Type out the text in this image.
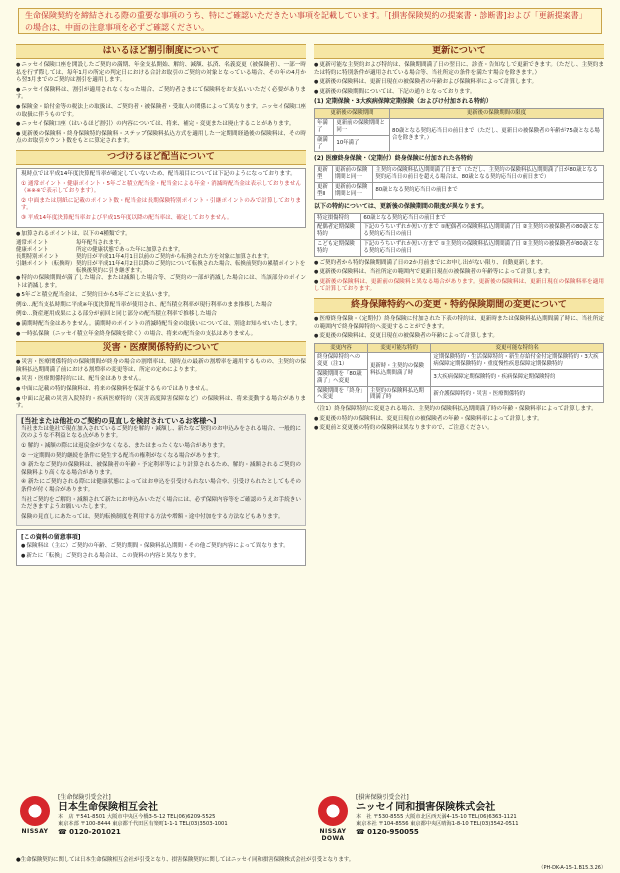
生命保険契約を締結される際の重要な事項のうち、特にご確認いただきたい事項を記載しています。「[損害保険契約の提案書・診断書]および「更新提案書」
の場合は、中面の注意事項を必ずご確認ください。
はいるほど割引制度について

● ニッセイ保険口座を開設したご契約の満期、年金支払開始、解約、減額、払済、名義変更（被保険者）、一部一時払を行ず際しては、毎年1月の所定の判定日における合計お取引のご契約の対象となっている場合、その年の4月から翌3月までのご契約は割引を適用します。

● ニッセイ保険料は、割引が適用されなくなった場合、ご契約者さまにて保険料をお支払いいただく必要があります。

● 保険金・給付金等の税法上の取扱は、ご契約者・被保険者・受取人の関係によって異なります。ニッセイ保険口座の取扱に伴うものです。

● ニッセイ保険口座（はいるほど割引）の内容については、将来、補完・変更または廃止することがあります。

● 更新後の保険料・終身保険特約保険料・ステップ保険料払込方式を適用した一定期間経過後の保険料は、その時点のお取引カウント数をもとに算定されます。

つづけるほど配当について

現時点では平成14年度決算配当率が確定していないため、配当項目については下記のようになっております。

① 通常ポイント・健康ポイント・5年ごと積立配当金・配当金による年金・消滅時配当金は表示しておりません（※※※で表示しております）。

② 中面または別紙に記載のポイント数・配当金は長期保険特別ポイント・引継ポイントのみで計算しております。

③ 平成14年度決算配当率および平成15年度以降の配当率は、確定しておりません。

● 加算されるポイントは、以下の4種類です。

通常ポイント	毎年配当されます。
健康ポイント	所定の健康状態であった年に加算されます。
長期特別ポイント	契約日が平成11年4月1日以前のご契約から転換された方を対象に加算されます。
引継ポイント（転換時） 契約日が平成11年4月2日以降のご契約について転換された場合、転換前契約の累積ポイントを転換後契約に引き継ぎます。

● 特約の保険期間が満了した場合、または減額した場合等、ご契約の一部が消滅した場合には、当該部分のポイントは消滅します。

● 5年ごと積立配当金は、ご契約日から5年ごとに支払います。

例①…配当支払時期に平成※年度決算配当率が使用され、配当積立利率が現行利率のまま推移した場合

例②…資産運用成果による部分が前回と同じ部分の配当積立利率で推移した場合

● 満期時配当金はありません。満期時のポイントの消滅時配当金の取扱いについては、別途お知らせいたします。

● 一時払保険（ニッセイ積立年金終身保険を除く）の場合、将来の配当金の支払はありません。

災害・医療関係特約について

● 災害・医療関係特約の保険期間が終身の場合の割増率は、現時点の最新の割増率を適用するものの、主契約の保険料払込期間満了前における割増率の変更等は、所定の定めによります。

● 災害・医療関係特約には、配当金はありません。

● 中面に記載の特約保険料は、将来の保険料を保証するものではありません。

● 中面に記載の災害入院特約・疾病医療特約（災害高度障害保障など）の保険料は、将来変動する場合があります。

[当社または他社のご契約の見直しを検討されているお客様へ]

当社または他社で現在加入されているご契約を解約・減額し、新たなご契約のお申込みをされる場合、一般的に次のような不利益となる点があります。

① 解約・減額の際には返戻金が少なくなる、またはまったくない場合があります。

② 一定期間の契約継続を条件に発生する配当の権利がなくなる場合があります。

③ 新たなご契約の保険料は、被保険者の年齢・予定利率等により計算されるため、解約・減額されるご契約の保険料より高くなる場合があります。

④ 新たにご契約される際には健康状態によってはお申込を引受けられない場合や、引受けられたとしてもその条件が付く場合があります。

当社ご契約をご解約・減額されて新たにお申込みいただく場合には、必ず保障内容等をご確認のうえお手続きいただきますようお願いいたします。

保険の見直しにあたっては、契約転換制度を利用する方法や増額・途中付加をする方法などもあります。

[この資料の留意事項]

● 保険料は（主に）ご契約の年齢、ご契約期間・保険料払込期間・その他ご契約内容によって異なります。

● 新たに「転換」ご契約される場合は、この資料の内容と異なります。

更新について

● 更新可能な主契約および特約は、保険期間満了日の翌日に、診査・告知なしで更新できます。（ただし、主契約または特約に特別条件が適用されている場合等、当社所定の条件を満たす場合を除きます。）

● 更新後の保険料は、更新日現在の被保険者の年齢および保険料率によって計算します。

● 更新後の保険期間については、下記の通りとなっております。

(1) 定期保険・3大疾病保障定期保険（およびけ付加される特約）
更新後の保険期間		更新後の保険期間の限度
年満了	更新前の保険期間と同一	80歳となる契約応当日の前日まで（ただし、更新日の被保険者の年齢が75歳となる場合を除きます。）
歳満了	10年満了	
(2) 医療終身保険・（定期付）終身保険に付加された各特約
更新型	更新前の保険期間と同一	主契約の保険料払込期間満了日まで（ただし、主契約の保険料払込期間満了日が80歳となる契約応当日の前日を超える場合は、80歳となる契約応当日の前日まで）
更新型Ⅱ	更新前の保険期間と同一	80歳となる契約応当日の前日まで
以下の特約については、更新後の保険期間の限度が異なります。
特定損傷特約	60歳となる契約応当日の前日まで
配偶者定期保険特約	下記のうちいずれか短い方まで ①配偶者の保険料払込期間満了日 ②主契約の被保険者の80歳となる契約応当日の前日
こども定期保険特約	下記のうちいずれか短い方まで ①主契約の保険料払込期間満了日 ②主契約の被保険者が80歳となる契約応当日の前日

● ご契約者から特約保険期間満了日の2か月前までにお申し出がない限り、自動更新します。

● 更新後の保険料は、当社所定の範囲内で更新日現在の被保険者の年齢等によって計算します。

● 更新後の保険料は、更新前の保険料と異なる場合があります。更新後の保険料は、更新日現在の保険料率を適用して計算しております。

終身保障特約への変更・特約保険期間の変更について

● 医療終身保険・（定期付）終身保険に付加された下表の特約は、更新時または保険料払込期間満了時に、当社所定の範囲内で終身保障特約へ変更することができます。

● 変更後の保険料は、変更日現在の被保険者の年齢によって計算します。

変更内容	変更可能な特約	変更可能な特約名
終身保障特約への変更（注1）	更新時・主契約の保険料払込期間満了時	定期保険特約・生活保障特約・新生存給付金付定期保険特約・3大疾病保障定期保険特約・重度慢性疾患保障定期保険特約
保険期間を「80歳満了」へ変更		3大疾病保障定期保険特約・疾病保障定期保険特約
保険期間を「終身」へ変更	主契約の保険料払込期間満了時	新介護保障特約・災害・医療関係特約

（注1）終身保障特約に変更される場合、主契約の保険料払込期間満了時の年齢・保険料率によって計算します。

● 変更後の特約の保険料は、変更日現在の被保険者の年齢・保険料率によって計算します。

● 変更前と変更後の特約の保険料は異なりますので、ご注意ください。

NISSAY
[生命保険引受会社]
日本生命保険相互会社
本　店 〒541-8501 大阪市中央区今橋3-5-12 TEL(06)6209-5525
東京本部 〒100-8444 東京都千代田区有楽町1-1-1 TEL(03)3503-1001
☎ 0120-201021	NISSAY DOWA
[損害保険引受会社]
ニッセイ同和損害保険株式会社
本　社 〒530-8555 大阪市北区西天満4-15-10 TEL(06)6363-1121
東京本社 〒104-8556 東京都中央区晴海1-8-10 TEL(03)3542-0511
☎ 0120-950055
●生命保険契約に関しては日本生命保険相互会社が引受となり、損害保険契約に関してはニッセイ同和損害保険株式会社が引受となります。
（PH-DK-A-15-1.B15.3.26）
